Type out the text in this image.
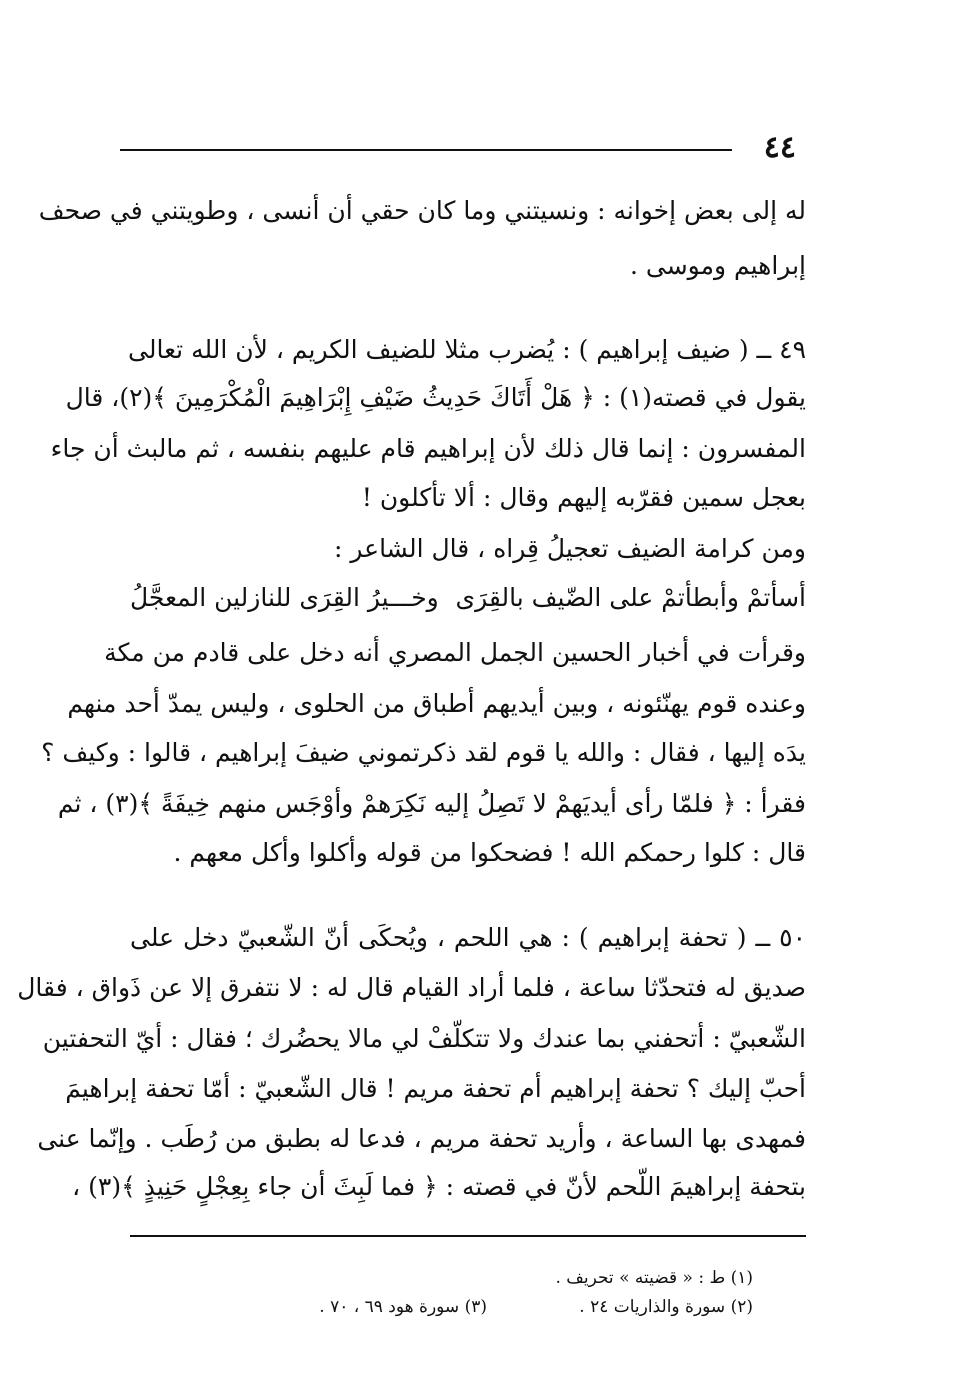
٤٤
له إلى بعض إخوانه : ونسيتني وما كان حقي أن أنسى ، وطويتني في صحف
إبراهيم وموسى .
٤٩ ــ ( ضيف إبراهيم ) : يُضرب مثلا للضيف الكريم ، لأن الله تعالى
يقول في قصته(١) : ﴿ هَلْ أَتَاكَ حَدِيثُ ضَيْفِ إِبْرَاهِيمَ الْمُكْرَمِينَ ﴾(٢)، قال
المفسرون : إنما قال ذلك لأن إبراهيم قام عليهم بنفسه ، ثم مالبث أن جاء
بعجل سمين فقرّبه إليهم وقال : ألا تأكلون !
ومن كرامة الضيف تعجيلُ قِراه ، قال الشاعر :
أسأتمْ وأبطأتمْ على الضّيف بالقِرَى
وخـــيرُ القِرَى للنازلين المعجَّلُ
وقرأت في أخبار الحسين الجمل المصري أنه دخل على قادم من مكة
وعنده قوم يهنّئونه ، وبين أيديهم أطباق من الحلوى ، وليس يمدّ أحد منهم
يدَه إليها ، فقال : والله يا قوم لقد ذكرتموني ضيفَ إبراهيم ، قالوا : وكيف ؟
فقرأ : ﴿ فلمّا رأى أيديَهمْ لا تَصِلُ إليه نَكِرَهمْ وأوْجَس منهم خِيفَةً ﴾(٣) ، ثم
قال : كلوا رحمكم الله ! فضحكوا من قوله وأكلوا وأكل معهم .
٥٠ ــ ( تحفة إبراهيم ) : هي اللحم ، ويُحكَى أنّ الشّعبيّ دخل على
صديق له فتحدّثا ساعة ، فلما أراد القيام قال له : لا نتفرق إلا عن ذَواق ، فقال
الشّعبيّ : أتحفني بما عندك ولا تتكلّفْ لي مالا يحضُرك ؛ فقال : أيّ التحفتين
أحبّ إليك ؟ تحفة إبراهيم أم تحفة مريم ! قال الشّعبيّ : أمّا تحفة إبراهيمَ
فمهدى بها الساعة ، وأريد تحفة مريم ، فدعا له بطبق من رُطَب . وإنّما عنى
بتحفة إبراهيمَ اللّحم لأنّ في قصته : ﴿ فما لَبِثَ أن جاء بِعِجْلٍ حَنِيذٍ ﴾(٣) ،
(١) ط : « قضيته » تحريف .
(٢) سورة والذاريات ٢٤ .
(٣) سورة هود ٦٩ ، ٧٠ .
